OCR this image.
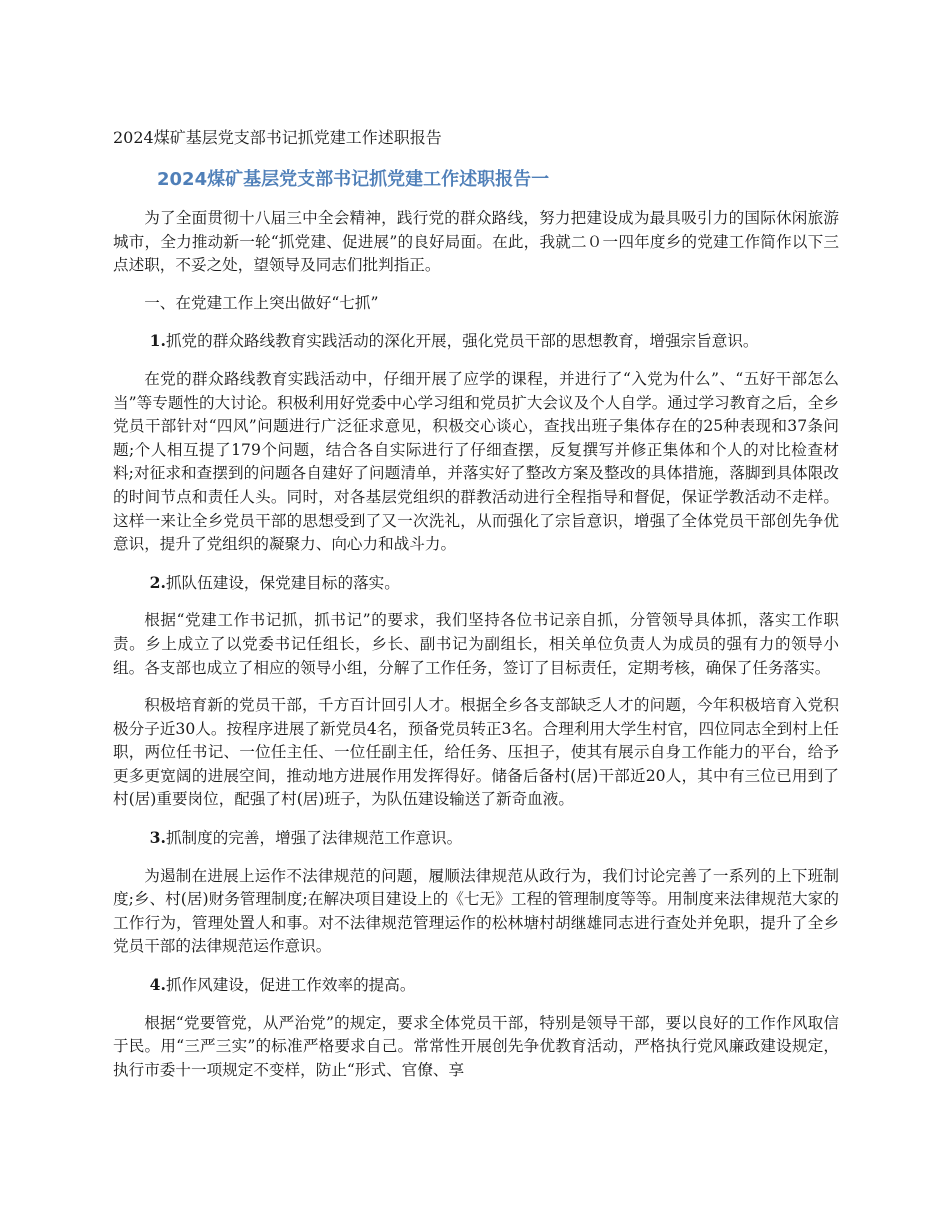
2024煤矿基层党支部书记抓党建工作述职报告
2024煤矿基层党支部书记抓党建工作述职报告一

为了全面贯彻十八届三中全会精神，践行党的群众路线，努力把建设成为最具吸引力的国际休闲旅游城市，全力推动新一轮“抓党建、促进展”的良好局面。在此，我就二０一四年度乡的党建工作简作以下三点述职，不妥之处，望领导及同志们批判指正。

一、在党建工作上突出做好“七抓”

1.抓党的群众路线教育实践活动的深化开展，强化党员干部的思想教育，增强宗旨意识。

在党的群众路线教育实践活动中，仔细开展了应学的课程，并进行了“入党为什么”、“五好干部怎么当”等专题性的大讨论。积极利用好党委中心学习组和党员扩大会议及个人自学。通过学习教育之后，全乡党员干部针对“四风”问题进行广泛征求意见，积极交心谈心，查找出班子集体存在的25种表现和37条问题;个人相互提了179个问题，结合各自实际进行了仔细查摆，反复撰写并修正集体和个人的对比检查材料;对征求和查摆到的问题各自建好了问题清单，并落实好了整改方案及整改的具体措施，落脚到具体限改的时间节点和责任人头。同时，对各基层党组织的群教活动进行全程指导和督促，保证学教活动不走样。这样一来让全乡党员干部的思想受到了又一次洗礼，从而强化了宗旨意识，增强了全体党员干部创先争优意识，提升了党组织的凝聚力、向心力和战斗力。

2.抓队伍建设，保党建目标的落实。

根据“党建工作书记抓，抓书记”的要求，我们坚持各位书记亲自抓，分管领导具体抓，落实工作职责。乡上成立了以党委书记任组长，乡长、副书记为副组长，相关单位负责人为成员的强有力的领导小组。各支部也成立了相应的领导小组，分解了工作任务，签订了目标责任，定期考核，确保了任务落实。

积极培育新的党员干部，千方百计回引人才。根据全乡各支部缺乏人才的问题，今年积极培育入党积极分子近30人。按程序进展了新党员4名，预备党员转正3名。合理利用大学生村官，四位同志全到村上任职，两位任书记、一位任主任、一位任副主任，给任务、压担子，使其有展示自身工作能力的平台，给予更多更宽阔的进展空间，推动地方进展作用发挥得好。储备后备村(居)干部近20人，其中有三位已用到了村(居)重要岗位，配强了村(居)班子，为队伍建设输送了新奇血液。

3.抓制度的完善，增强了法律规范工作意识。

为遏制在进展上运作不法律规范的问题，履顺法律规范从政行为，我们讨论完善了一系列的上下班制度;乡、村(居)财务管理制度;在解决项目建设上的《七无》工程的管理制度等等。用制度来法律规范大家的工作行为，管理处置人和事。对不法律规范管理运作的松林塘村胡继雄同志进行查处并免职，提升了全乡党员干部的法律规范运作意识。

4.抓作风建设，促进工作效率的提高。

根据“党要管党，从严治党”的规定，要求全体党员干部，特别是领导干部，要以良好的工作作风取信于民。用“三严三实”的标准严格要求自己。常常性开展创先争优教育活动，严格执行党风廉政建设规定，执行市委十一项规定不变样，防止“形式、官僚、享
